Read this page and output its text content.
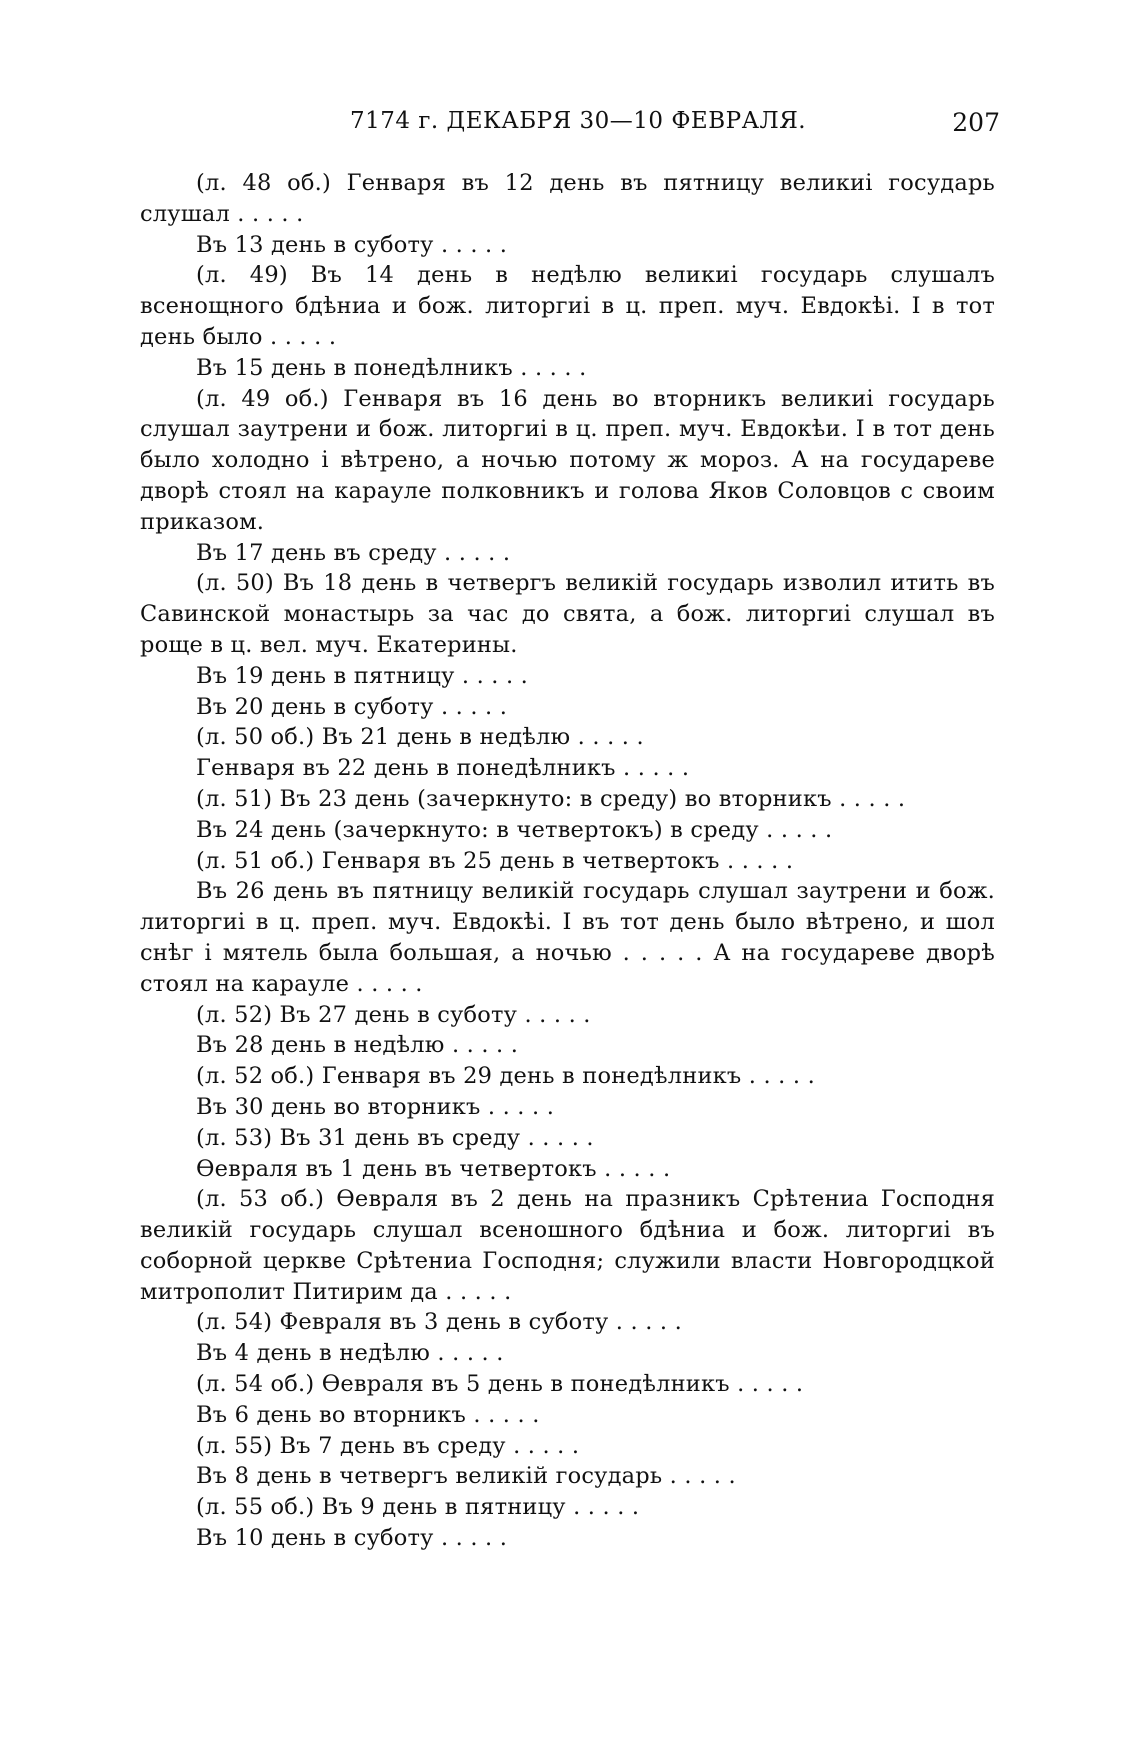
7174 г. ДЕКАБРЯ 30—10 ФЕВРАЛЯ.	207

(л. 48 об.) Генваря въ 12 день въ пятницу великиі государь слушал . . . . .

Въ 13 день в суботу . . . . .

(л. 49) Въ 14 день в недѣлю великиі государь слушалъ всенощного бдѣниа и бож. литоргиі в ц. преп. муч. Евдокѣі. I в тот день было . . . . .

Въ 15 день в понедѣлникъ . . . . .

(л. 49 об.) Генваря въ 16 день во вторникъ великиі государь слушал заутрени и бож. литоргиі в ц. преп. муч. Евдокѣи. I в тот день было холодно і вѣтрено, а ночью потому ж мороз. А на государеве дворѣ стоял на карауле полковникъ и голова Яков Соловцов с своим приказом.

Въ 17 день въ среду . . . . .

(л. 50) Въ 18 день в четвергъ великій государь изволил итить въ Савинской монастырь за час до свята, а бож. литоргиі слушал въ роще в ц. вел. муч. Екатерины.

Въ 19 день в пятницу . . . . .

Въ 20 день в суботу . . . . .

(л. 50 об.) Въ 21 день в недѣлю . . . . .

Генваря въ 22 день в понедѣлникъ . . . . .

(л. 51) Въ 23 день (зачеркнуто: в среду) во вторникъ . . . . .

Въ 24 день (зачеркнуто: в четвертокъ) в среду . . . . .

(л. 51 об.) Генваря въ 25 день в четвертокъ . . . . .

Въ 26 день въ пятницу великій государь слушал заутрени и бож. литоргиі в ц. преп. муч. Евдокѣі. I въ тот день было вѣтрено, и шол снѣг і мятель была большая, а ночью . . . . . А на государеве дворѣ стоял на карауле . . . . .

(л. 52) Въ 27 день в суботу . . . . .

Въ 28 день в недѣлю . . . . .

(л. 52 об.) Генваря въ 29 день в понедѣлникъ . . . . .

Въ 30 день во вторникъ . . . . .

(л. 53) Въ 31 день въ среду . . . . .

Ѳевраля въ 1 день въ четвертокъ . . . . .

(л. 53 об.) Ѳевраля въ 2 день на празникъ Срѣтениа Господня великій государь слушал всеношного бдѣниа и бож. литоргиі въ соборной церкве Срѣтениа Господня; служили власти Новгородцкой митрополит Питирим да . . . . .

(л. 54) Февраля въ 3 день в суботу . . . . .

Въ 4 день в недѣлю . . . . .

(л. 54 об.) Ѳевраля въ 5 день в понедѣлникъ . . . . .

Въ 6 день во вторникъ . . . . .

(л. 55) Въ 7 день въ среду . . . . .

Въ 8 день в четвергъ великій государь . . . . .

(л. 55 об.) Въ 9 день в пятницу . . . . .

Въ 10 день в суботу . . . . .
